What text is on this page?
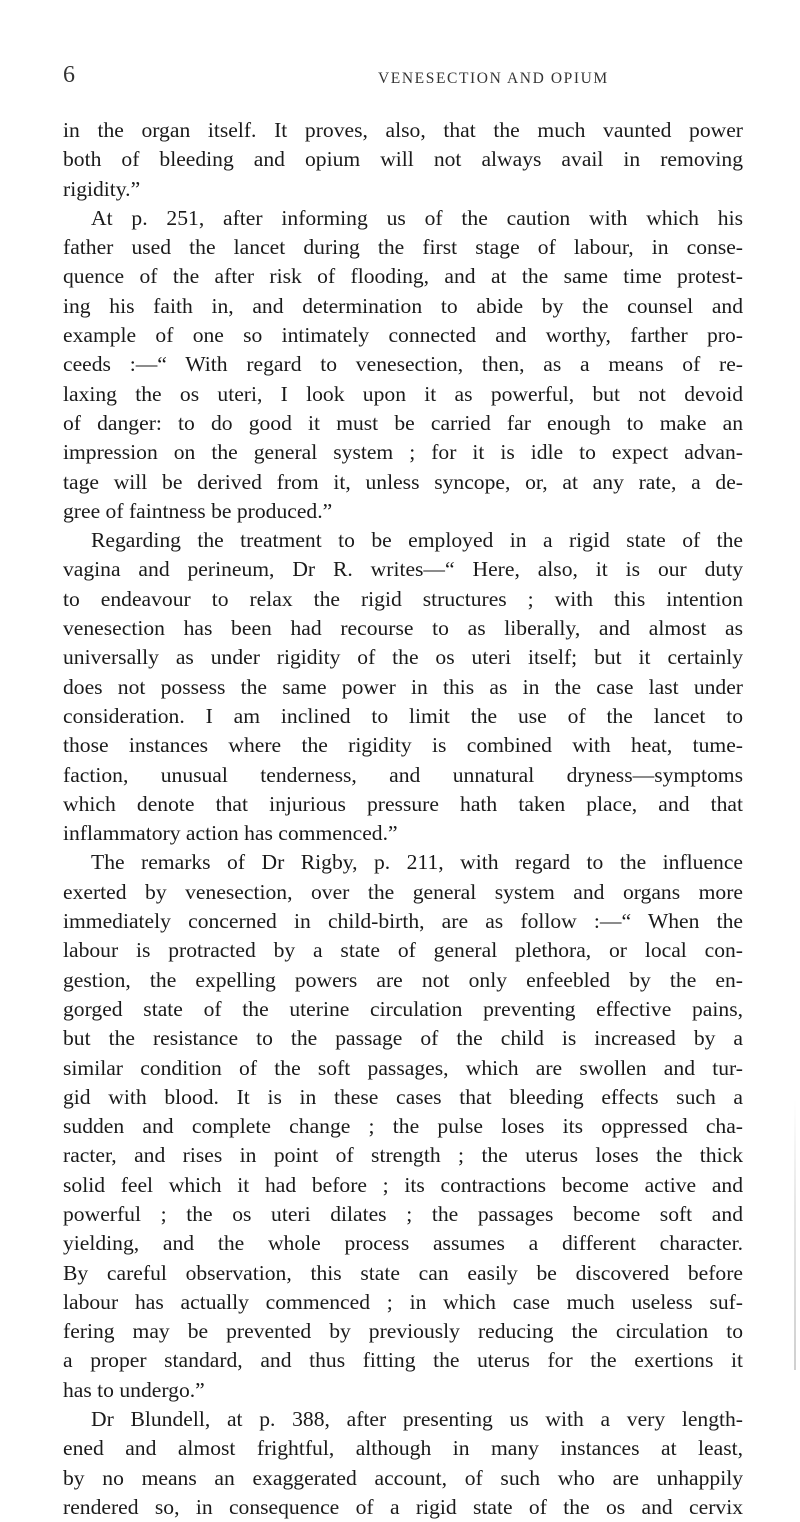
6	VENESECTION AND OPIUM
in the organ itself. It proves, also, that the much vaunted power
both of bleeding and opium will not always avail in removing
rigidity.”
At p. 251, after informing us of the caution with which his
father used the lancet during the first stage of labour, in conse-
quence of the after risk of flooding, and at the same time protest-
ing his faith in, and determination to abide by the counsel and
example of one so intimately connected and worthy, farther pro-
ceeds :—“ With regard to venesection, then, as a means of re-
laxing the os uteri, I look upon it as powerful, but not devoid
of danger: to do good it must be carried far enough to make an
impression on the general system ; for it is idle to expect advan-
tage will be derived from it, unless syncope, or, at any rate, a de-
gree of faintness be produced.”
Regarding the treatment to be employed in a rigid state of the
vagina and perineum, Dr R. writes—“ Here, also, it is our duty
to endeavour to relax the rigid structures ; with this intention
venesection has been had recourse to as liberally, and almost as
universally as under rigidity of the os uteri itself; but it certainly
does not possess the same power in this as in the case last under
consideration. I am inclined to limit the use of the lancet to
those instances where the rigidity is combined with heat, tume-
faction, unusual tenderness, and unnatural dryness—symptoms
which denote that injurious pressure hath taken place, and that
inflammatory action has commenced.”
The remarks of Dr Rigby, p. 211, with regard to the influence
exerted by venesection, over the general system and organs more
immediately concerned in child-birth, are as follow :—“ When the
labour is protracted by a state of general plethora, or local con-
gestion, the expelling powers are not only enfeebled by the en-
gorged state of the uterine circulation preventing effective pains,
but the resistance to the passage of the child is increased by a
similar condition of the soft passages, which are swollen and tur-
gid with blood. It is in these cases that bleeding effects such a
sudden and complete change ; the pulse loses its oppressed cha-
racter, and rises in point of strength ; the uterus loses the thick
solid feel which it had before ; its contractions become active and
powerful ; the os uteri dilates ; the passages become soft and
yielding, and the whole process assumes a different character.
By careful observation, this state can easily be discovered before
labour has actually commenced ; in which case much useless suf-
fering may be prevented by previously reducing the circulation to
a proper standard, and thus fitting the uterus for the exertions it
has to undergo.”
Dr Blundell, at p. 388, after presenting us with a very length-
ened and almost frightful, although in many instances at least,
by no means an exaggerated account, of such who are unhappily
rendered so, in consequence of a rigid state of the os and cervix
